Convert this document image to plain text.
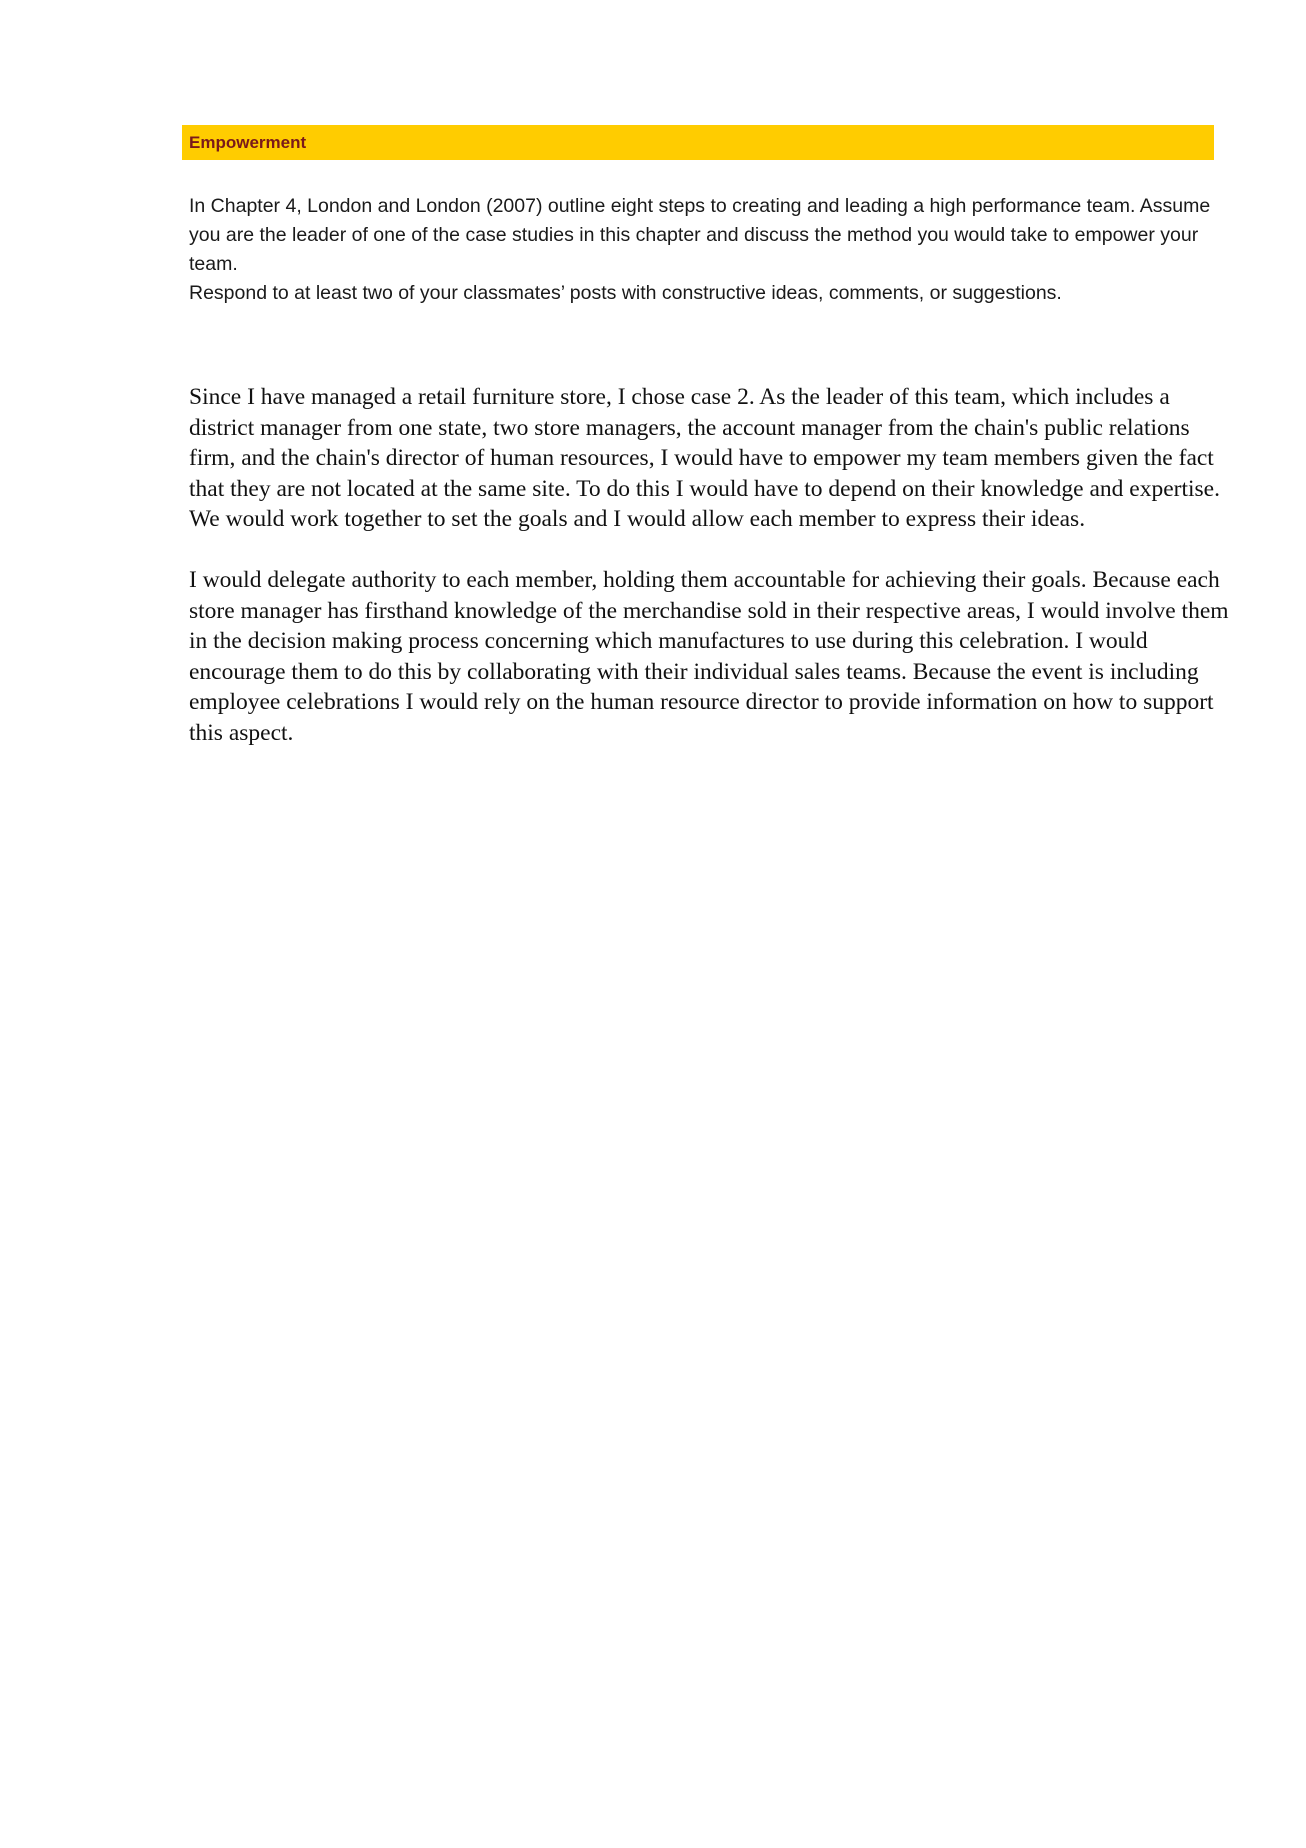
Empowerment

In Chapter 4, London and London (2007) outline eight steps to creating and leading a high performance team. Assume you are the leader of one of the case studies in this chapter and discuss the method you would take to empower your team.

Respond to at least two of your classmates’ posts with constructive ideas, comments, or suggestions.

Since I have managed a retail furniture store, I chose case 2. As the leader of this team, which includes a district manager from one state, two store managers, the account manager from the chain's public relations firm, and the chain's director of human resources, I would have to empower my team members given the fact that they are not located at the same site. To do this I would have to depend on their knowledge and expertise. We would work together to set the goals and I would allow each member to express their ideas.

I would delegate authority to each member, holding them accountable for achieving their goals. Because each store manager has firsthand knowledge of the merchandise sold in their respective areas, I would involve them in the decision making process concerning which manufactures to use during this celebration. I would encourage them to do this by collaborating with their individual sales teams. Because the event is including employee celebrations I would rely on the human resource director to provide information on how to support this aspect.
